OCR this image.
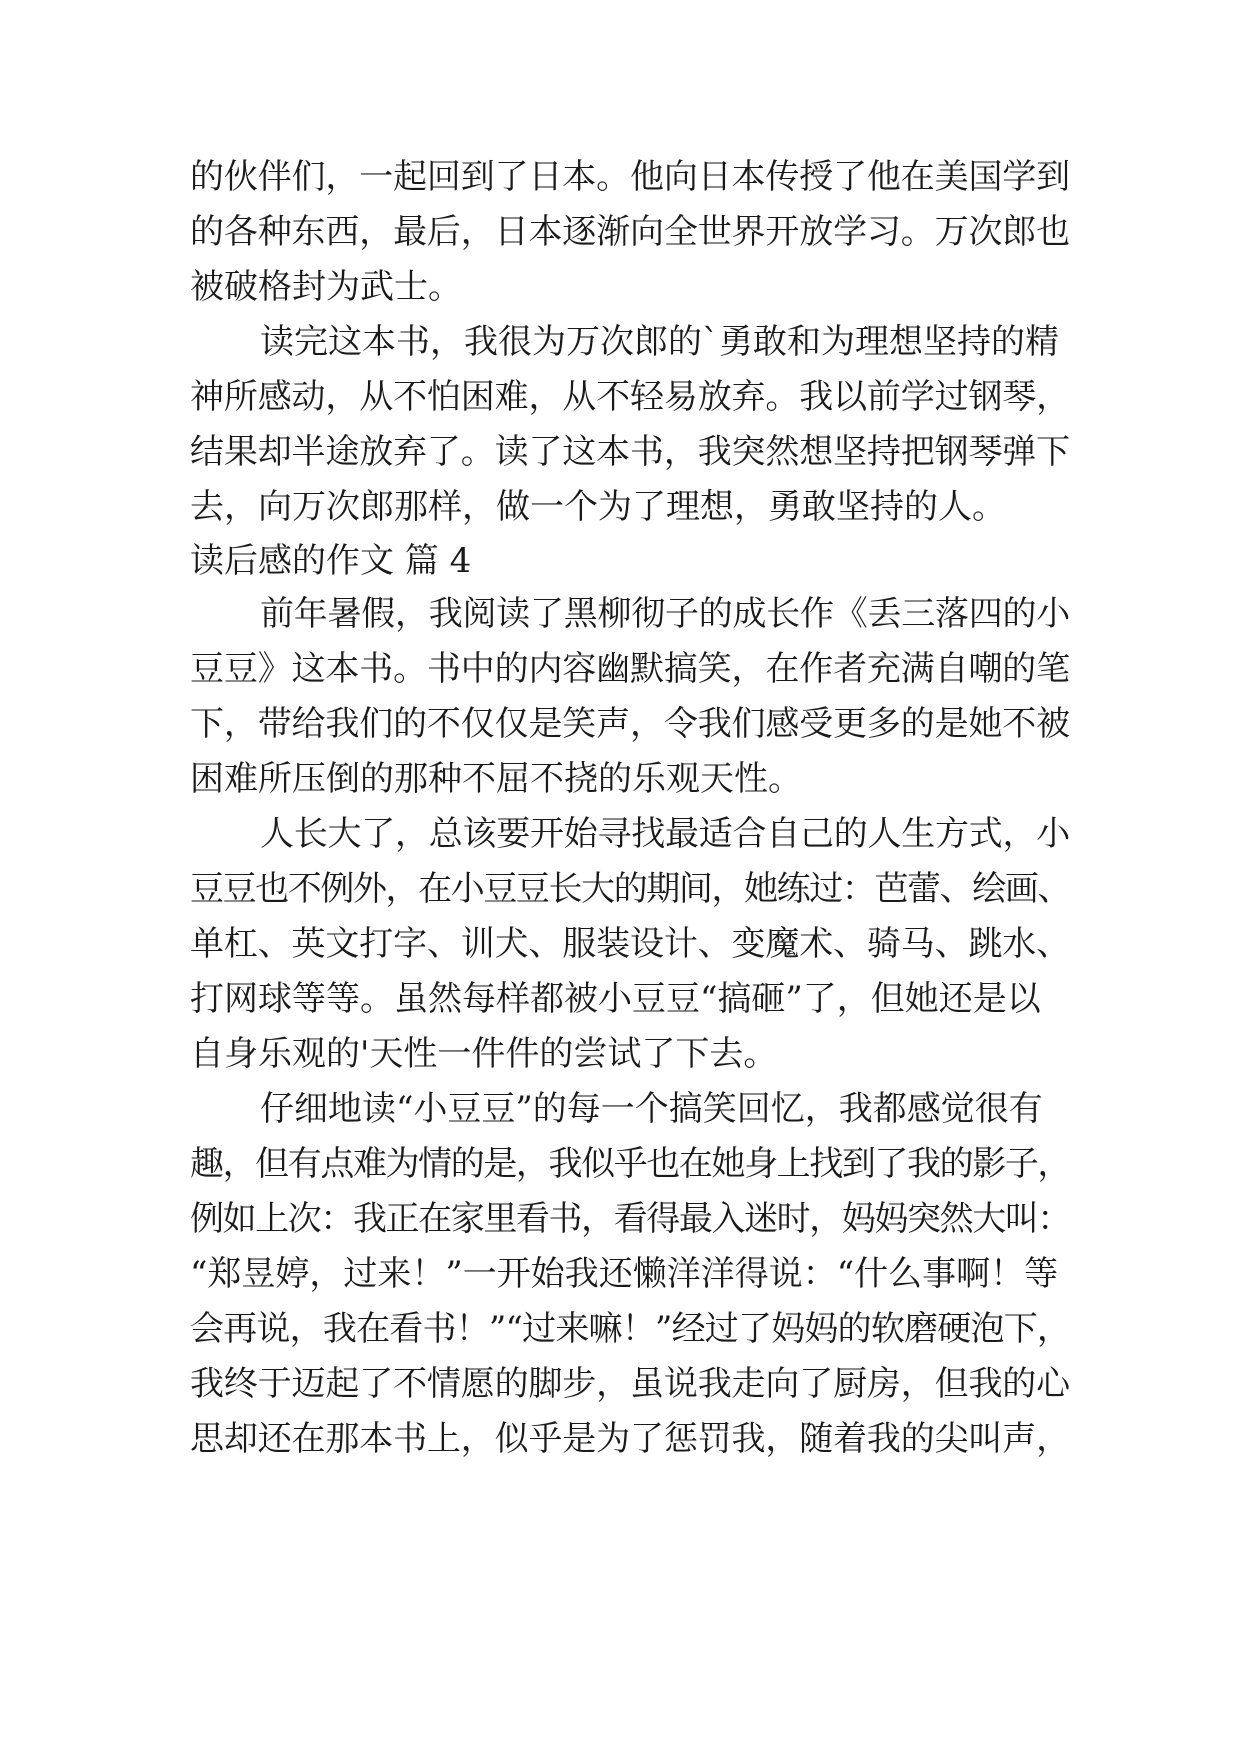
的伙伴们，一起回到了日本。他向日本传授了他在美国学到
的各种东西，最后，日本逐渐向全世界开放学习。万次郎也
被破格封为武士。
读完这本书，我很为万次郎的`勇敢和为理想坚持的精
神所感动，从不怕困难，从不轻易放弃。我以前学过钢琴，
结果却半途放弃了。读了这本书，我突然想坚持把钢琴弹下
去，向万次郎那样，做一个为了理想，勇敢坚持的人。
读后感的作文 篇 4
前年暑假，我阅读了黑柳彻子的成长作《丢三落四的小
豆豆》这本书。书中的内容幽默搞笑，在作者充满自嘲的笔
下，带给我们的不仅仅是笑声，令我们感受更多的是她不被
困难所压倒的那种不屈不挠的乐观天性。
人长大了，总该要开始寻找最适合自己的人生方式，小
豆豆也不例外，在小豆豆长大的期间，她练过：芭蕾、绘画、
单杠、英文打字、训犬、服装设计、变魔术、骑马、跳水、
打网球等等。虽然每样都被小豆豆“搞砸”了，但她还是以
自身乐观的'天性一件件的尝试了下去。
仔细地读“小豆豆”的每一个搞笑回忆，我都感觉很有
趣，但有点难为情的是，我似乎也在她身上找到了我的影子，
例如上次：我正在家里看书，看得最入迷时，妈妈突然大叫：
“郑昱婷，过来！”一开始我还懒洋洋得说：“什么事啊！等
会再说，我在看书！”“过来嘛！”经过了妈妈的软磨硬泡下，
我终于迈起了不情愿的脚步，虽说我走向了厨房，但我的心
思却还在那本书上，似乎是为了惩罚我，随着我的尖叫声，
